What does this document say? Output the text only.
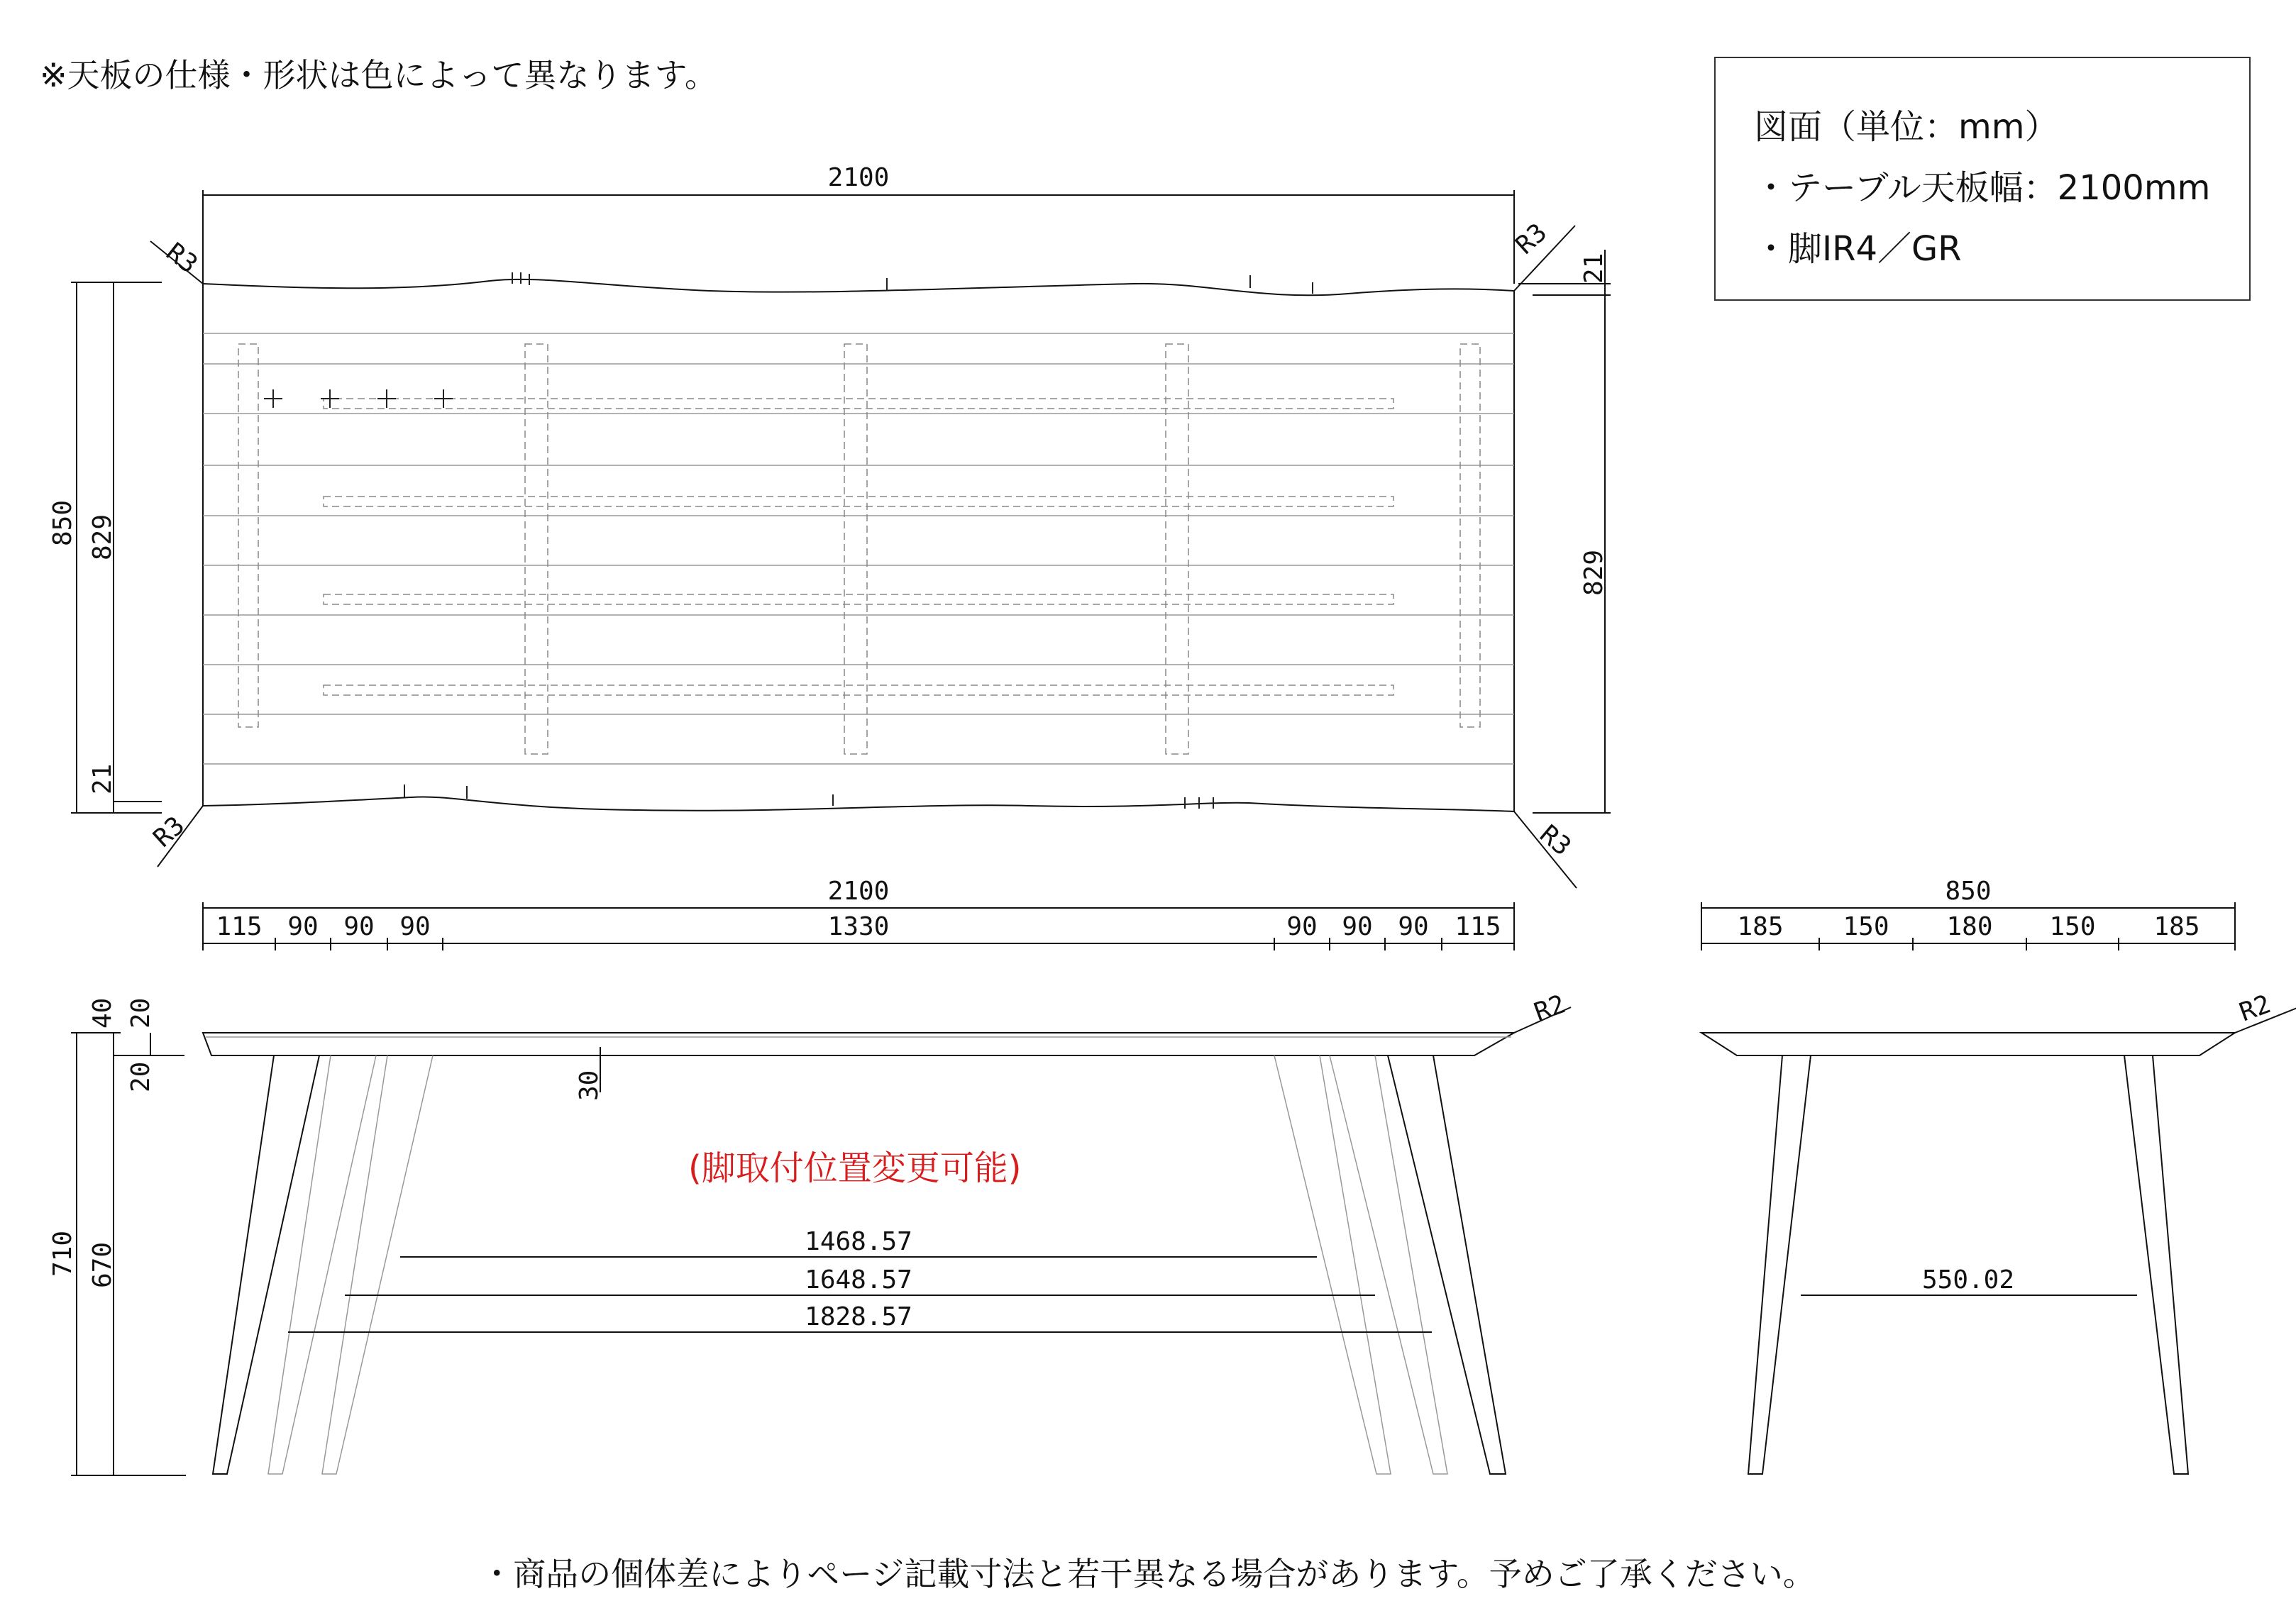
※天板の仕様・形状は色によって異なります。
図面（単位：mm）
・テーブル天板幅：2100mm
・脚IR4／GR
(脚取付位置変更可能)
・商品の個体差によりページ記載寸法と若干異なる場合があります。予めご了承ください。
2100
R3	R3
R3	R3
850 829
21
21
829
2100
115 90 90 90	1330	90 90 90 115
R2
40 20
20	30
710 670
1468.57
1648.57
1828.57
850
185 150 180 150 185
R2
550.02
